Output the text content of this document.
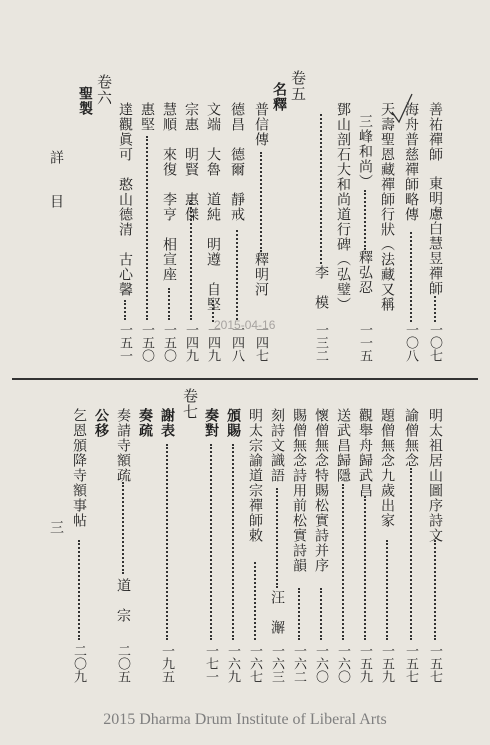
善祐禪師
東明慮白慧昱禪師
一〇七
海舟普慈禪師略傳
一〇八
天壽聖恩藏禪師行狀（法藏又稱
三峰和尚）
釋弘忍
一一五
鄧山剖石大和尚道行碑（弘璧）
李　模
一三二
卷五
名釋
普信傳
釋明河
一四七
德昌　德爾　靜戒
一四八
文端　大魯　道純　明遵　自堅
一四九
宗惠　明賢　惠傑
一四九
慧順　來復　李亨　相宣座
一五〇
惠堅
一五〇
達觀眞可　憨山德清　古心馨
一五一
卷六
聖製
詳
目
2015-04-16
明太祖居山圖序詩文
一五七
諭僧無念
一五七
題僧無念九歲出家
一五九
觀舉舟歸武昌
一五九
送武昌歸隱
一六〇
懷僧無念特賜松實詩并序
一六〇
賜僧無念詩用前松實詩韻
一六二
刻詩文識語
汪　澥
一六三
明太宗諭道宗禪師敕
一六七
頒賜
一六九
奏對
一七一
卷七
謝表
一九五
奏疏
奏請寺額疏
道　宗
二〇五
公移
乞恩頒降寺額事帖
二〇九
三
2015 Dharma Drum Institute of Liberal Arts
